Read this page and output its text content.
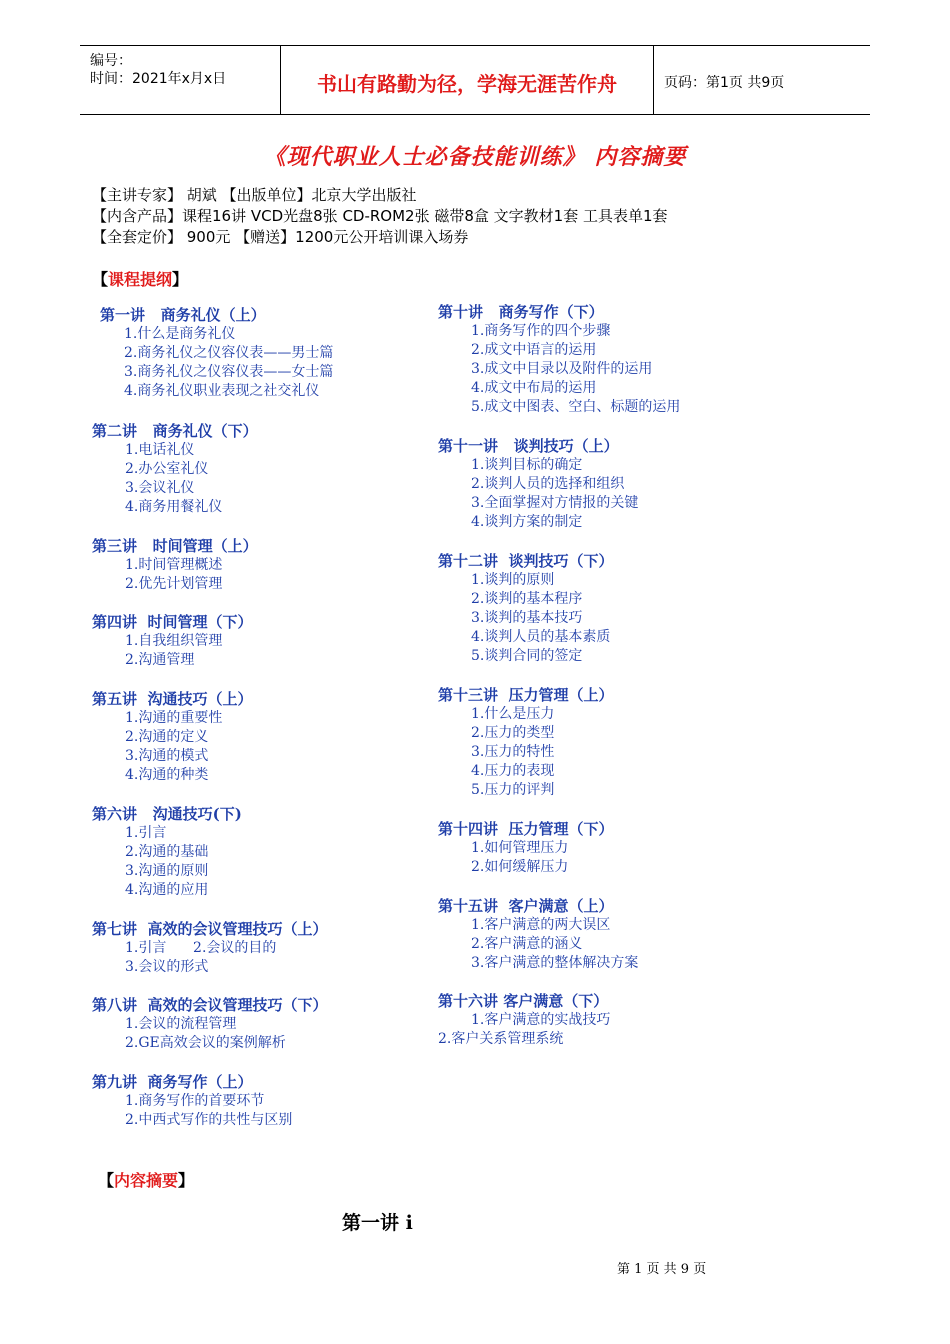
编号：
时间：2021年x月x日	书山有路勤为径，学海无涯苦作舟	页码：第1页 共9页
《现代职业人士必备技能训练》 内容摘要
【主讲专家】 胡斌 【出版单位】北京大学出版社
【内含产品】课程16讲 VCD光盘8张 CD-ROM2张 磁带8盒 文字教材1套 工具表单1套
【全套定价】 900元 【赠送】1200元公开培训课入场券
【课程提纲】
第一讲   商务礼仪（上）
1.什么是商务礼仪
2.商务礼仪之仪容仪表——男士篇
3.商务礼仪之仪容仪表——女士篇
4.商务礼仪职业表现之社交礼仪
第二讲   商务礼仪（下）
1.电话礼仪
2.办公室礼仪
3.会议礼仪
4.商务用餐礼仪
第三讲   时间管理（上）
1.时间管理概述
2.优先计划管理
第四讲  时间管理（下）
1.自我组织管理
2.沟通管理
第五讲  沟通技巧（上）
1.沟通的重要性
2.沟通的定义
3.沟通的模式
4.沟通的种类
第六讲   沟通技巧(下)
1.引言
2.沟通的基础
3.沟通的原则
4.沟通的应用
第七讲  高效的会议管理技巧（上）
1.引言      2.会议的目的
3.会议的形式
第八讲  高效的会议管理技巧（下）
1.会议的流程管理
2.GE高效会议的案例解析
第九讲  商务写作（上）
1.商务写作的首要环节
2.中西式写作的共性与区别
第十讲   商务写作（下）
1.商务写作的四个步骤
2.成文中语言的运用
3.成文中目录以及附件的运用
4.成文中布局的运用
5.成文中图表、空白、标题的运用
第十一讲   谈判技巧（上）
1.谈判目标的确定
2.谈判人员的选择和组织
3.全面掌握对方情报的关键
4.谈判方案的制定
第十二讲  谈判技巧（下）
1.谈判的原则
2.谈判的基本程序
3.谈判的基本技巧
4.谈判人员的基本素质
5.谈判合同的签定
第十三讲  压力管理（上）
1.什么是压力
2.压力的类型
3.压力的特性
4.压力的表现
5.压力的评判
第十四讲  压力管理（下）
1.如何管理压力
2.如何缓解压力
第十五讲  客户满意（上）
1.客户满意的两大误区
2.客户满意的涵义
3.客户满意的整体解决方案
第十六讲 客户满意（下）
1.客户满意的实战技巧
2.客户关系管理系统
【内容摘要】
第一讲 i
第 1 页 共 9 页
